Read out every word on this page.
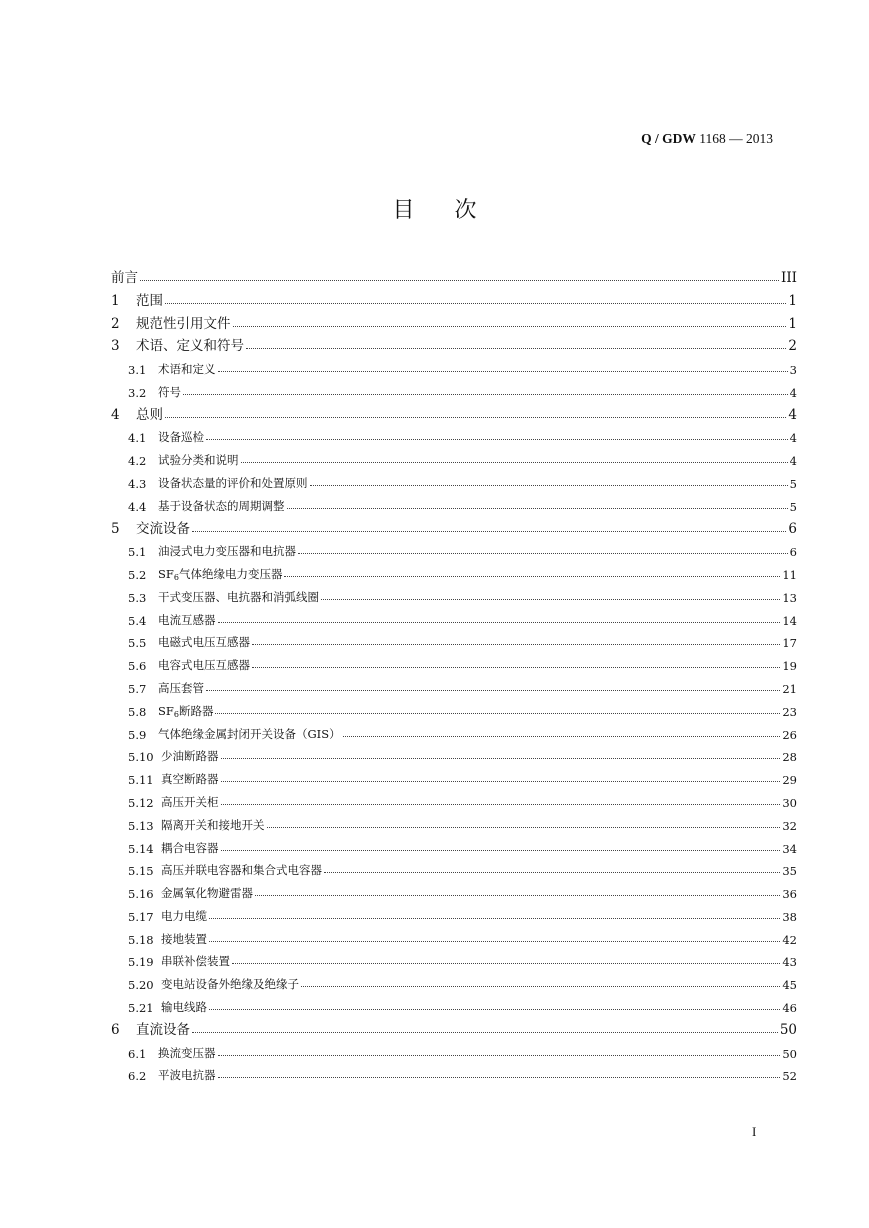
Q / GDW 1168 — 2013
目 次
前言	III
1	范围	1
2	规范性引用文件	1
3	术语、定义和符号	2
3.1	术语和定义	3
3.2	符号	4
4	总则	4
4.1	设备巡检	4
4.2	试验分类和说明	4
4.3	设备状态量的评价和处置原则	5
4.4	基于设备状态的周期调整	5
5	交流设备	6
5.1	油浸式电力变压器和电抗器	6
5.2	$SF_6$气体绝缘电力变压器	11
5.3	干式变压器、电抗器和消弧线圈	13
5.4	电流互感器	14
5.5	电磁式电压互感器	17
5.6	电容式电压互感器	19
5.7	高压套管	21
5.8	$SF_6$断路器	23
5.9	气体绝缘金属封闭开关设备（GIS）	26
5.10 少油断路器	28
5.11 真空断路器	29
5.12 高压开关柜	30
5.13 隔离开关和接地开关	32
5.14 耦合电容器	34
5.15 高压并联电容器和集合式电容器	35
5.16 金属氧化物避雷器	36
5.17 电力电缆	38
5.18 接地装置	42
5.19 串联补偿装置	43
5.20 变电站设备外绝缘及绝缘子	45
5.21 输电线路	46
6	直流设备	50
6.1	换流变压器	50
6.2	平波电抗器	52
I
